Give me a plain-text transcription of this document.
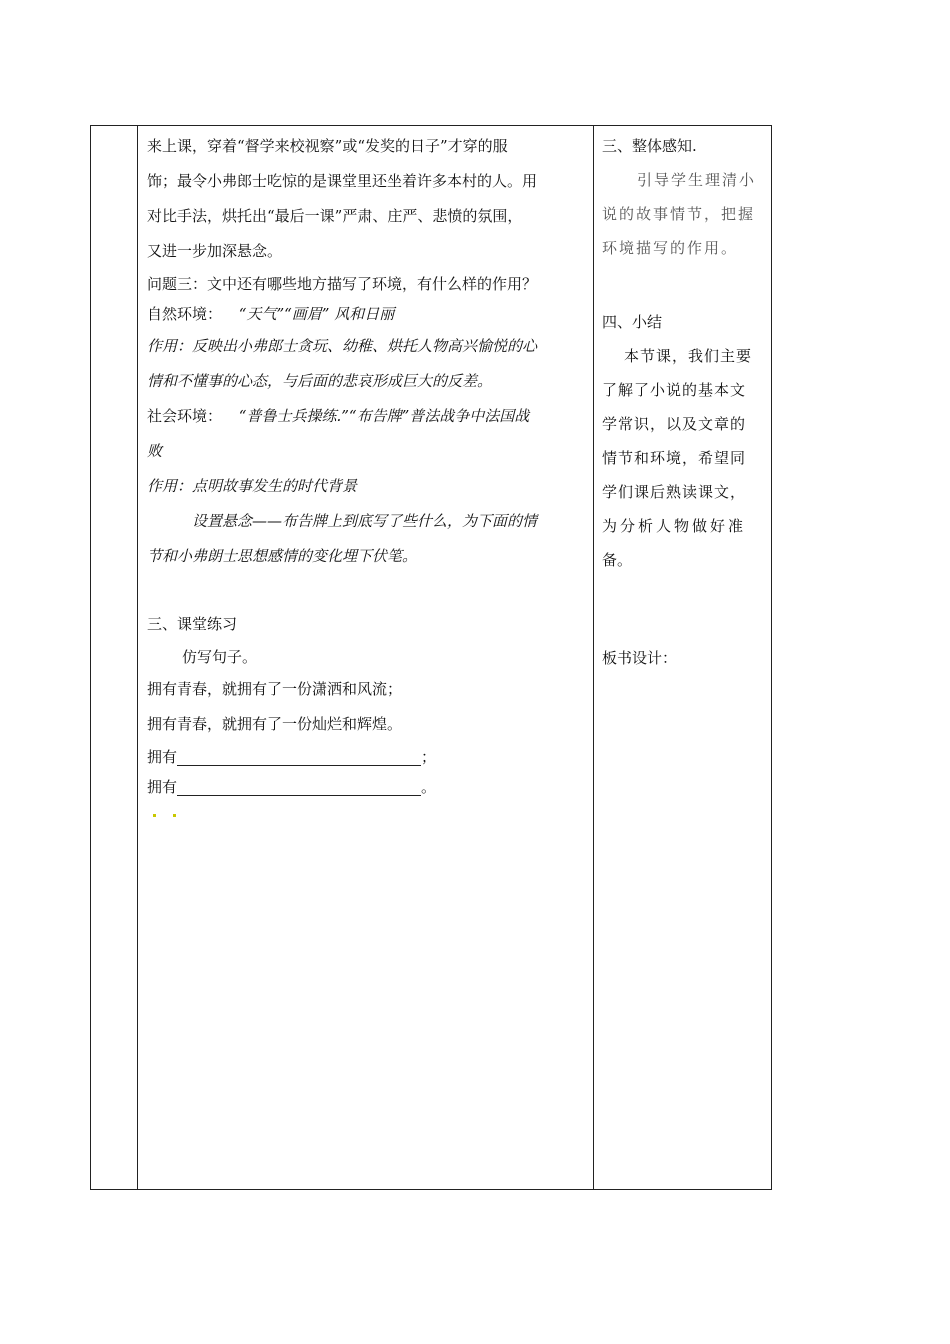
来上课，穿着“督学来校视察”或“发奖的日子”才穿的服
饰；最令小弗郎士吃惊的是课堂里还坐着许多本村的人。用
对比手法，烘托出“最后一课”严肃、庄严、悲愤的氛围，
又进一步加深悬念。
问题三：文中还有哪些地方描写了环境，有什么样的作用？
自然环境： “天气”“画眉” 风和日丽
作用：反映出小弗郎士贪玩、幼稚、烘托人物高兴愉悦的心
情和不懂事的心态，与后面的悲哀形成巨大的反差。
社会环境： “普鲁士兵操练.”“布告牌”普法战争中法国战
败
作用：点明故事发生的时代背景
设置悬念——布告牌上到底写了些什么，为下面的情
节和小弗朗士思想感情的变化埋下伏笔。
三、课堂练习
仿写句子。
拥有青春，就拥有了一份潇洒和风流；
拥有青春，就拥有了一份灿烂和辉煌。
拥有	；
拥有	。
三、整体感知.
引导学生理清小
说的故事情节，把握
环境描写的作用。
四、小结
本节课，我们主要
了解了小说的基本文
学常识，以及文章的
情节和环境，希望同
学们课后熟读课文，
为分析人物做好准
备。
板书设计：
